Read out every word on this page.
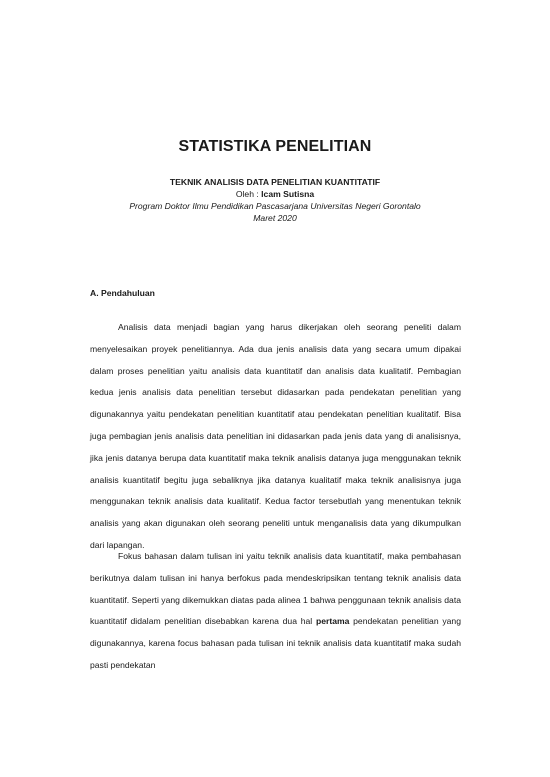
STATISTIKA PENELITIAN
TEKNIK ANALISIS DATA PENELITIAN KUANTITATIF
Oleh : Icam Sutisna
Program Doktor Ilmu Pendidikan Pascasarjana Universitas Negeri Gorontalo
Maret 2020
A. Pendahuluan

Analisis data menjadi bagian yang harus dikerjakan oleh seorang peneliti dalam menyelesaikan proyek penelitiannya. Ada dua jenis analisis data yang secara umum dipakai dalam proses penelitian yaitu analisis data kuantitatif dan analisis data kualitatif. Pembagian kedua jenis analisis data penelitian tersebut didasarkan pada pendekatan penelitian yang digunakannya yaitu pendekatan penelitian kuantitatif atau pendekatan penelitian kualitatif. Bisa juga pembagian jenis analisis data penelitian ini didasarkan pada jenis data yang di analisisnya, jika jenis datanya berupa data kuantitatif maka teknik analisis datanya juga menggunakan teknik analisis kuantitatif begitu juga sebaliknya jika datanya kualitatif maka teknik analisisnya juga menggunakan teknik analisis data kualitatif. Kedua factor tersebutlah yang menentukan teknik analisis yang akan digunakan oleh seorang peneliti untuk menganalisis data yang dikumpulkan dari lapangan.

Fokus bahasan dalam tulisan ini yaitu teknik analisis data kuantitatif, maka pembahasan berikutnya dalam tulisan ini hanya berfokus pada mendeskripsikan tentang teknik analisis data kuantitatif. Seperti yang dikemukkan diatas pada alinea 1 bahwa penggunaan teknik analisis data kuantitatif didalam penelitian disebabkan karena dua hal pertama pendekatan penelitian yang digunakannya, karena focus bahasan pada tulisan ini teknik analisis data kuantitatif maka sudah pasti pendekatan
